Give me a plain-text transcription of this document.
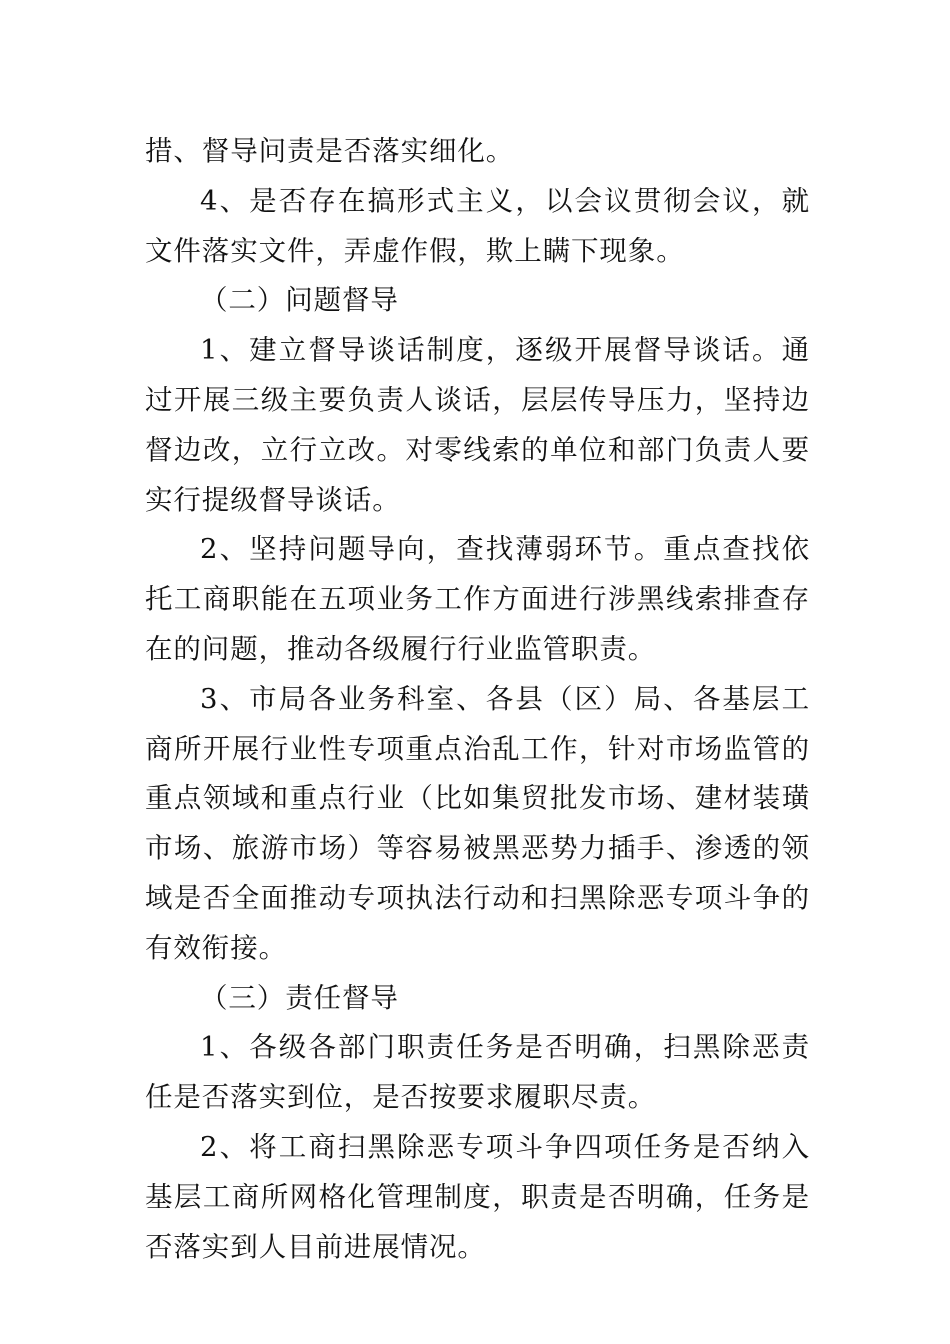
措、督导问责是否落实细化。

4、是否存在搞形式主义，以会议贯彻会议，就文件落实文件，弄虚作假，欺上瞒下现象。

（二）问题督导

1、建立督导谈话制度，逐级开展督导谈话。通过开展三级主要负责人谈话，层层传导压力，坚持边督边改，立行立改。对零线索的单位和部门负责人要实行提级督导谈话。

2、坚持问题导向，查找薄弱环节。重点查找依托工商职能在五项业务工作方面进行涉黑线索排查存在的问题，推动各级履行行业监管职责。

3、市局各业务科室、各县（区）局、各基层工商所开展行业性专项重点治乱工作，针对市场监管的重点领域和重点行业（比如集贸批发市场、建材装璜市场、旅游市场）等容易被黑恶势力插手、渗透的领域是否全面推动专项执法行动和扫黑除恶专项斗争的有效衔接。

（三）责任督导

1、各级各部门职责任务是否明确，扫黑除恶责任是否落实到位，是否按要求履职尽责。

2、将工商扫黑除恶专项斗争四项任务是否纳入基层工商所网格化管理制度，职责是否明确，任务是否落实到人目前进展情况。
